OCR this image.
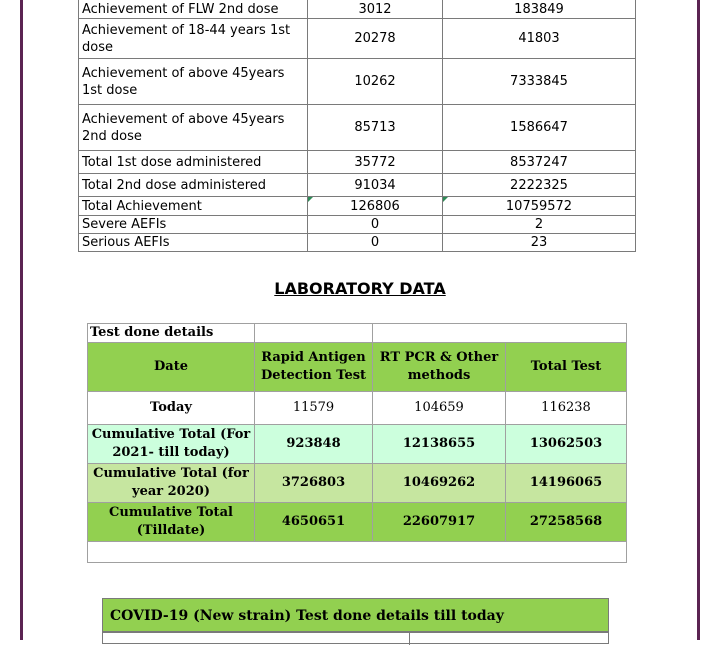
Achievement of FLW 2nd dose	3012	183849
Achievement of 18-44 years 1st dose	20278	41803
Achievement of above 45years 1st dose	10262	7333845
Achievement of above 45years 2nd dose	85713	1586647
Total 1st dose administered	35772	8537247
Total 2nd dose administered	91034	2222325
Total Achievement	126806	10759572
Severe AEFIs	0	2
Serious AEFIs	0	23
LABORATORY DATA
Test done details			
Date	Rapid Antigen Detection Test	RT PCR & Other methods	Total Test
Today	11579	104659	116238
Cumulative Total (For 2021- till today)	923848	12138655	13062503
Cumulative Total (for year 2020)	3726803	10469262	14196065
Cumulative Total (Tilldate)	4650651	22607917	27258568

COVID-19 (New strain) Test done details till today
